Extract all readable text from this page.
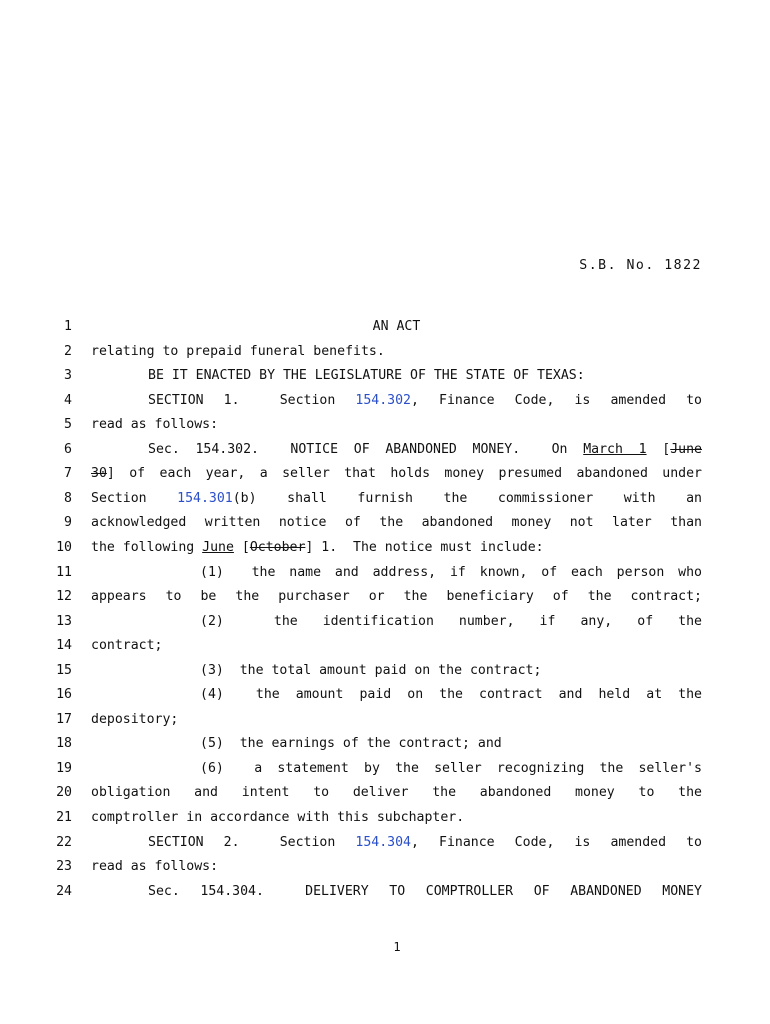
S.B. No. 1822
1	AN ACT
2 relating to prepaid funeral benefits.
3	BE IT ENACTED BY THE LEGISLATURE OF THE STATE OF TEXAS:
4	SECTION 1.  Section 154.302, Finance Code, is amended to
5 read as follows:
6	Sec. 154.302.  NOTICE OF ABANDONED MONEY.  On March 1 [June
7 30] of each year, a seller that holds money presumed abandoned under
8 Section 154.301(b) shall furnish the commissioner with an
9 acknowledged written notice of the abandoned money not later than
10 the following June [October] 1.  The notice must include:
11	(1)  the name and address, if known, of each person who
12 appears to be the purchaser or the beneficiary of the contract;
13	(2)  the identification number, if any, of the
14 contract;
15	(3)  the total amount paid on the contract;
16	(4)  the amount paid on the contract and held at the
17 depository;
18	(5)  the earnings of the contract; and
19	(6)  a statement by the seller recognizing the seller's
20 obligation and intent to deliver the abandoned money to the
21 comptroller in accordance with this subchapter.
22	SECTION 2.  Section 154.304, Finance Code, is amended to
23 read as follows:
24	Sec. 154.304.  DELIVERY TO COMPTROLLER OF ABANDONED MONEY
1
